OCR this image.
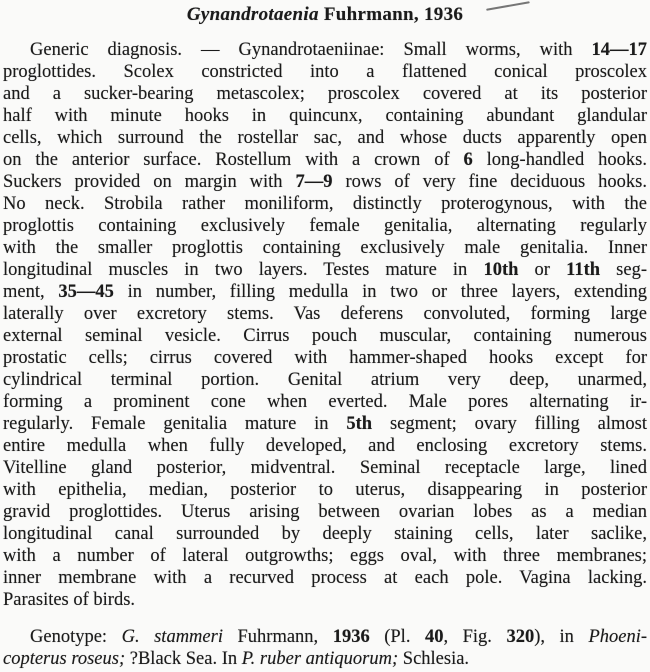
Gynandrotaenia Fuhrmann, 1936
Generic diagnosis. — Gynandrotaeniinae: Small worms, with 14—17
proglottides. Scolex constricted into a flattened conical proscolex
and a sucker-bearing metascolex; proscolex covered at its posterior
half with minute hooks in quincunx, containing abundant glandular
cells, which surround the rostellar sac, and whose ducts apparently open
on the anterior surface. Rostellum with a crown of 6 long-handled hooks.
Suckers provided on margin with 7—9 rows of very fine deciduous hooks.
No neck. Strobila rather moniliform, distinctly proterogynous, with the
proglottis containing exclusively female genitalia, alternating regularly
with the smaller proglottis containing exclusively male genitalia. Inner
longitudinal muscles in two layers. Testes mature in 10th or 11th seg-
ment, 35—45 in number, filling medulla in two or three layers, extending
laterally over excretory stems. Vas deferens convoluted, forming large
external seminal vesicle. Cirrus pouch muscular, containing numerous
prostatic cells; cirrus covered with hammer-shaped hooks except for
cylindrical terminal portion. Genital atrium very deep, unarmed,
forming a prominent cone when everted. Male pores alternating ir-
regularly. Female genitalia mature in 5th segment; ovary filling almost
entire medulla when fully developed, and enclosing excretory stems.
Vitelline gland posterior, midventral. Seminal receptacle large, lined
with epithelia, median, posterior to uterus, disappearing in posterior
gravid proglottides. Uterus arising between ovarian lobes as a median
longitudinal canal surrounded by deeply staining cells, later saclike,
with a number of lateral outgrowths; eggs oval, with three membranes;
inner membrane with a recurved process at each pole. Vagina lacking.
Parasites of birds.
Genotype: G. stammeri Fuhrmann, 1936 (Pl. 40, Fig. 320), in Phoeni-
copterus roseus; ?Black Sea. In P. ruber antiquorum; Schlesia.
